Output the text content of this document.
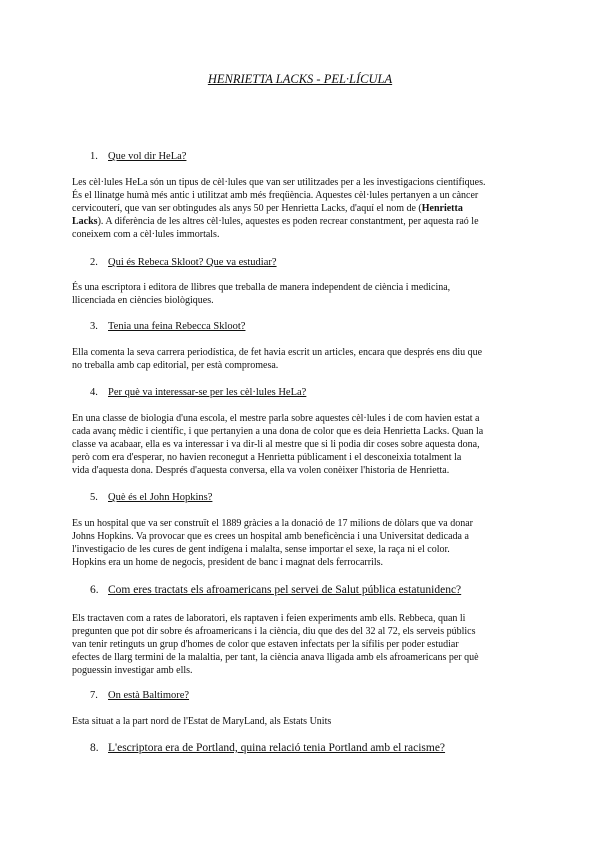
HENRIETTA LACKS - PEL·LÍCULA
1. Que vol dir HeLa?

Les cèl·lules HeLa són un tipus de cèl·lules que van ser utilitzades per a les investigacions científiques.

És el llinatge humà més antic i utilitzat amb més freqüència. Aquestes cèl·lules pertanyen a un càncer

cervicouterí, que van ser obtingudes als anys 50 per Henrietta Lacks, d'aquí el nom de (Henrietta

Lacks). A diferència de les altres cèl·lules, aquestes es poden recrear constantment, per aquesta raó le

coneixem com a cèl·lules immortals.

2. Qui és Rebeca Skloot? Que va estudiar?

És una escriptora i editora de llibres que treballa de manera independent de ciència i medicina,

llicenciada en ciències biològiques.

3. Tenia una feina Rebecca Skloot?

Ella comenta la seva carrera periodística, de fet havia escrit un articles, encara que després ens diu que

no treballa amb cap editorial, per està compromesa.

4. Per què va interessar-se per les cèl·lules HeLa?

En una classe de biologia d'una escola, el mestre parla sobre aquestes cèl·lules i de com havien estat a

cada avanç mèdic i científic, i que pertanyien a una dona de color que es deia Henrietta Lacks. Quan la

classe va acabaar, ella es va interessar i va dir-li al mestre que si li podia dir coses sobre aquesta dona,

però com era d'esperar, no havien reconegut a Henrietta públicament i el desconeixia totalment la

vida d'aquesta dona. Després d'aquesta conversa, ella va volen conèixer l'historia de Henrietta.

5. Què és el John Hopkins?

Es un hospital que va ser construït el 1889 gràcies a la donació de 17 milions de dòlars que va donar

Johns Hopkins. Va provocar que es crees un hospital amb beneficència i una Universitat dedicada a

l'investigacio de les cures de gent indígena i malalta, sense importar el sexe, la raça ni el color.

Hopkins era un home de negocis, president de banc i magnat dels ferrocarrils.

6. Com eres tractats els afroamericans pel servei de Salut pública estatunidenc?

Els tractaven com a rates de laboratori, els raptaven i feien experiments amb ells. Rebbeca, quan li

pregunten que pot dir sobre és afroamericans i la ciència, diu que des del 32 al 72, els serveis públics

van tenir retinguts un grup d'homes de color que estaven infectats per la sífilis per poder estudiar

efectes de llarg termini de la malaltia, per tant, la ciència anava lligada amb els afroamericans per què

poguessin investigar amb ells.

7. On està Baltimore?

Esta situat a la part nord de l'Estat de MaryLand, als Estats Units

8. L'escriptora era de Portland, quina relació tenia Portland amb el racisme?
